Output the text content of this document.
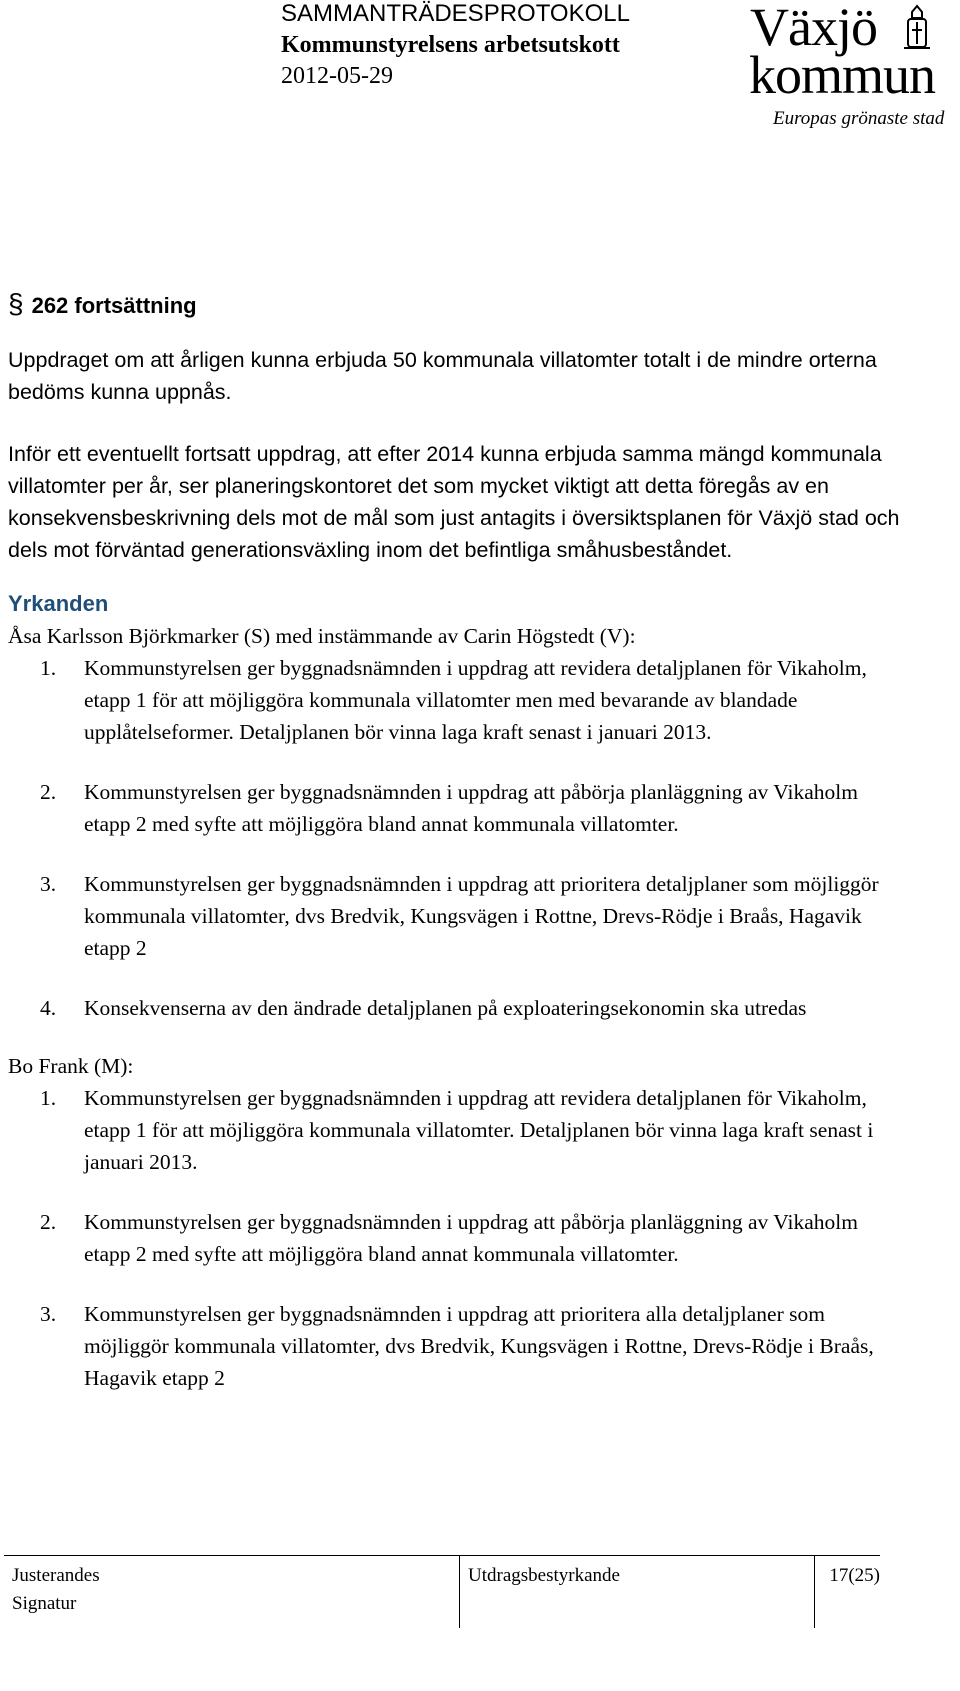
SAMMANTRÄDESPROTOKOLL
Kommunstyrelsens arbetsutskott
2012-05-29
Växjö
kommun
Europas grönaste stad
§ 262 fortsättning

Uppdraget om att årligen kunna erbjuda 50 kommunala villatomter totalt i de mindre orterna bedöms kunna uppnås.

Inför ett eventuellt fortsatt uppdrag, att efter 2014 kunna erbjuda samma mängd kommunala villatomter per år, ser planeringskontoret det som mycket viktigt att detta föregås av en konsekvensbeskrivning dels mot de mål som just antagits i översiktsplanen för Växjö stad och dels mot förväntad generationsväxling inom det befintliga småhusbeståndet.

Yrkanden

Åsa Karlsson Björkmarker (S) med instämmande av Carin Högstedt (V):

1. Kommunstyrelsen ger byggnadsnämnden i uppdrag att revidera detaljplanen för Vikaholm, etapp 1 för att möjliggöra kommunala villatomter men med bevarande av blandade upplåtelseformer. Detaljplanen bör vinna laga kraft senast i januari 2013.
2. Kommunstyrelsen ger byggnadsnämnden i uppdrag att påbörja planläggning av Vikaholm etapp 2 med syfte att möjliggöra bland annat kommunala villatomter.
3. Kommunstyrelsen ger byggnadsnämnden i uppdrag att prioritera detaljplaner som möjliggör kommunala villatomter, dvs Bredvik, Kungsvägen i Rottne, Drevs-Rödje i Braås, Hagavik etapp 2
4. Konsekvenserna av den ändrade detaljplanen på exploateringsekonomin ska utredas

Bo Frank (M):

1. Kommunstyrelsen ger byggnadsnämnden i uppdrag att revidera detaljplanen för Vikaholm, etapp 1 för att möjliggöra kommunala villatomter. Detaljplanen bör vinna laga kraft senast i januari 2013.
2. Kommunstyrelsen ger byggnadsnämnden i uppdrag att påbörja planläggning av Vikaholm etapp 2 med syfte att möjliggöra bland annat kommunala villatomter.
3. Kommunstyrelsen ger byggnadsnämnden i uppdrag att prioritera alla detaljplaner som möjliggör kommunala villatomter, dvs Bredvik, Kungsvägen i Rottne, Drevs-Rödje i Braås, Hagavik etapp 2
Justerandes
Signatur
Utdragsbestyrkande	17(25)
